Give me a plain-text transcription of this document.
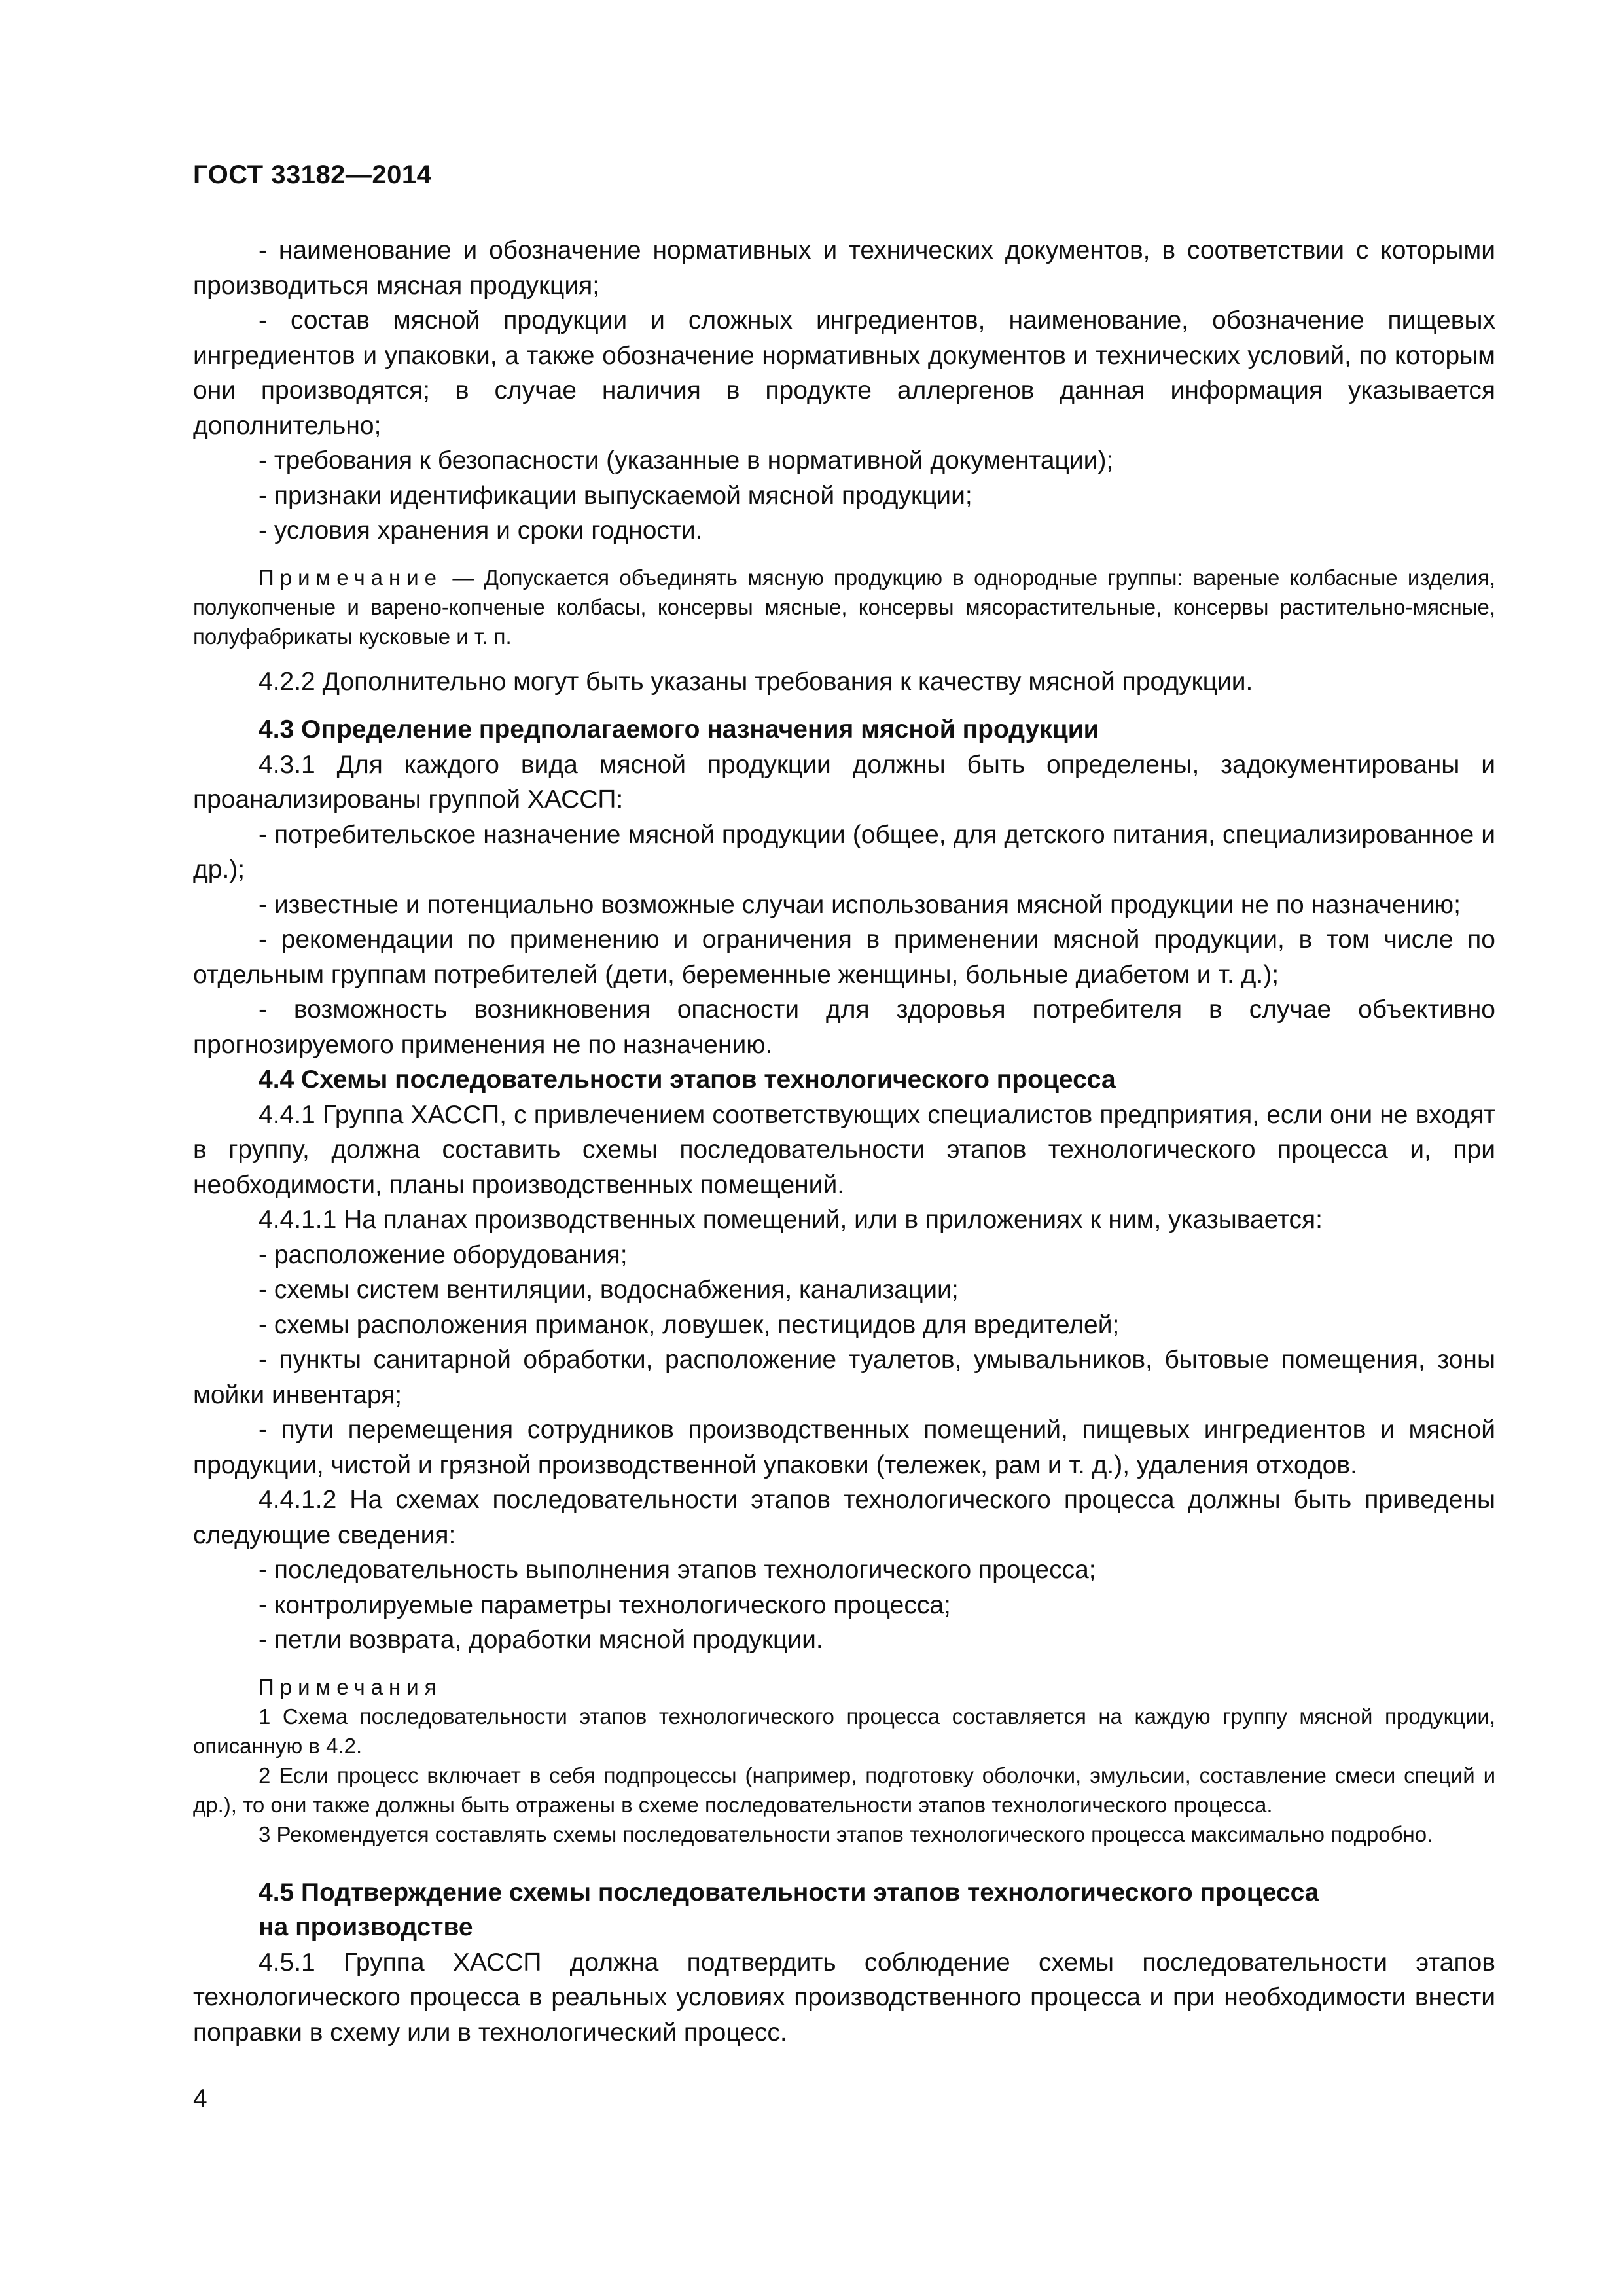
ГОСТ 33182—2014

- наименование и обозначение нормативных и технических документов, в соответствии с которыми производиться мясная продукция;

- состав мясной продукции и сложных ингредиентов, наименование, обозначение пищевых ингредиентов и упаковки, а также обозначение нормативных документов и технических условий, по которым они производятся; в случае наличия в продукте аллергенов данная информация указывается дополнительно;

- требования к безопасности (указанные в нормативной документации);

- признаки идентификации выпускаемой мясной продукции;

- условия хранения и сроки годности.

Примечание — Допускается объединять мясную продукцию в однородные группы: вареные колбасные изделия, полукопченые и варено-копченые колбасы, консервы мясные, консервы мясорастительные, консервы растительно-мясные, полуфабрикаты кусковые и т. п.

4.2.2 Дополнительно могут быть указаны требования к качеству мясной продукции.

4.3 Определение предполагаемого назначения мясной продукции

4.3.1 Для каждого вида мясной продукции должны быть определены, задокументированы и проанализированы группой ХАССП:

- потребительское назначение мясной продукции (общее, для детского питания, специализированное и др.);

- известные и потенциально возможные случаи использования мясной продукции не по назначению;

- рекомендации по применению и ограничения в применении мясной продукции, в том числе по отдельным группам потребителей (дети, беременные женщины, больные диабетом и т. д.);

- возможность возникновения опасности для здоровья потребителя в случае объективно прогнозируемого применения не по назначению.

4.4 Схемы последовательности этапов технологического процесса

4.4.1 Группа ХАССП, с привлечением соответствующих специалистов предприятия, если они не входят в группу, должна составить схемы последовательности этапов технологического процесса и, при необходимости, планы производственных помещений.

4.4.1.1 На планах производственных помещений, или в приложениях к ним, указывается:

- расположение оборудования;

- схемы систем вентиляции, водоснабжения, канализации;

- схемы расположения приманок, ловушек, пестицидов для вредителей;

- пункты санитарной обработки, расположение туалетов, умывальников, бытовые помещения, зоны мойки инвентаря;

- пути перемещения сотрудников производственных помещений, пищевых ингредиентов и мясной продукции, чистой и грязной производственной упаковки (тележек, рам и т. д.), удаления отходов.

4.4.1.2 На схемах последовательности этапов технологического процесса должны быть приведены следующие сведения:

- последовательность выполнения этапов технологического процесса;

- контролируемые параметры технологического процесса;

- петли возврата, доработки мясной продукции.

Примечания

1 Схема последовательности этапов технологического процесса составляется на каждую группу мясной продукции, описанную в 4.2.

2 Если процесс включает в себя подпроцессы (например, подготовку оболочки, эмульсии, составление смеси специй и др.), то они также должны быть отражены в схеме последовательности этапов технологического процесса.

3 Рекомендуется составлять схемы последовательности этапов технологического процесса максимально подробно.

4.5 Подтверждение схемы последовательности этапов технологического процесса

на производстве

4.5.1 Группа ХАССП должна подтвердить соблюдение схемы последовательности этапов технологического процесса в реальных условиях производственного процесса и при необходимости внести поправки в схему или в технологический процесс.

4
